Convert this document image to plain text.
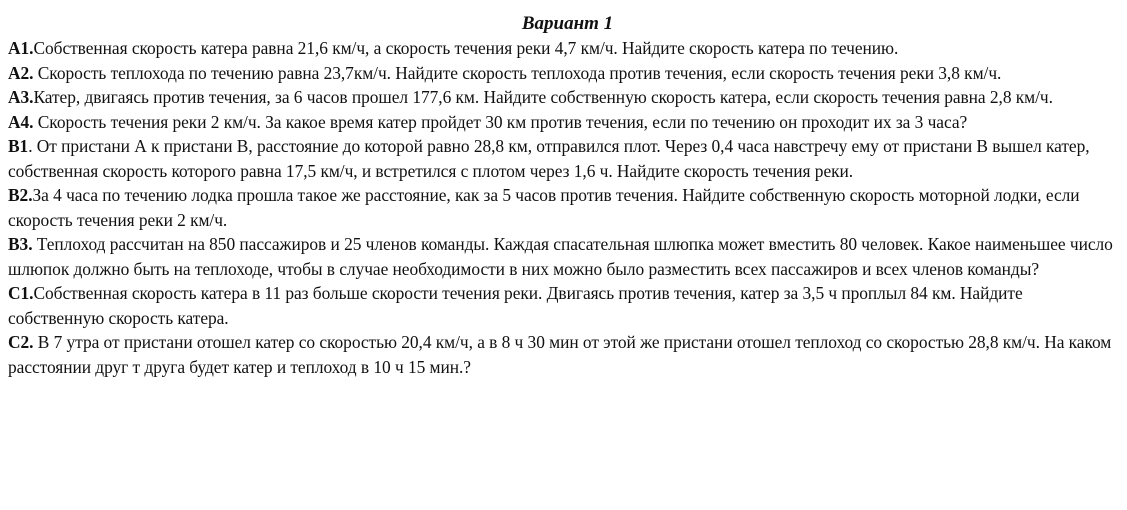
Вариант 1

А1.Собственная скорость катера равна 21,6 км/ч, а скорость течения реки 4,7 км/ч. Найдите скорость катера по течению.

А2. Скорость теплохода по течению равна 23,7км/ч. Найдите скорость теплохода против течения, если скорость течения реки 3,8 км/ч.

А3.Катер, двигаясь против течения, за 6 часов прошел 177,6 км. Найдите собственную скорость катера, если скорость течения равна 2,8 км/ч.

А4. Скорость течения реки 2 км/ч. За какое время катер пройдет 30 км против течения, если по течению он проходит их за 3 часа?

В1. От пристани А к пристани В, расстояние до которой равно 28,8 км, отправился плот. Через 0,4 часа навстречу ему от пристани В вышел катер, собственная скорость которого равна 17,5 км/ч, и встретился с плотом через 1,6 ч. Найдите скорость течения реки.

В2.За 4 часа по течению лодка прошла такое же расстояние, как за 5 часов против течения. Найдите собственную скорость моторной лодки, если скорость течения реки 2 км/ч.

В3. Теплоход рассчитан на 850 пассажиров и 25 членов команды. Каждая спасательная шлюпка может вместить 80 человек. Какое наименьшее число шлюпок должно быть на теплоходе, чтобы в случае необходимости в них можно было разместить всех пассажиров и всех членов команды?

С1.Собственная скорость катера в 11 раз больше скорости течения реки. Двигаясь против течения, катер за 3,5 ч проплыл 84 км. Найдите собственную скорость катера.

С2. В 7 утра от пристани отошел катер со скоростью 20,4 км/ч, а в 8 ч 30 мин от этой же пристани отошел теплоход со скоростью 28,8 км/ч. На каком расстоянии друг т друга будет катер и теплоход в 10 ч 15 мин.?
